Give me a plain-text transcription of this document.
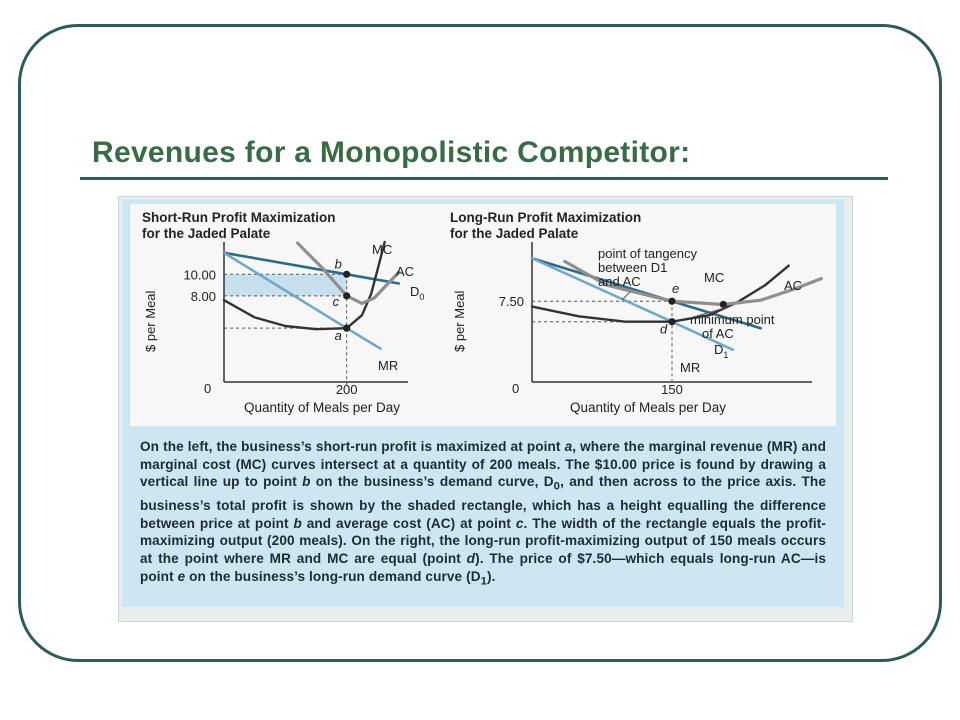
Revenues for a Monopolistic Competitor:
Short-Run Profit Maximization
for the Jaded Palate
$ per Meal
Quantity of Meals per Day
0
10.00
8.00
200
$D_0$
MR
MC
AC
a
b
c
Long-Run Profit Maximization
for the Jaded Palate
$ per Meal
Quantity of Meals per Day
0
7.50
150
$D_1$
MR
MC
AC
d
e
point of tangency
between D1
and AC
minimum point
of AC

On the left, the business’s short-run profit is maximized at point a, where the marginal revenue (MR) and marginal cost (MC) curves intersect at a quantity of 200 meals. The $10.00 price is found by drawing a vertical line up to point b on the business’s demand curve, $D_0$, and then across to the price axis. The business’s total profit is shown by the shaded rectangle, which has a height equalling the difference between price at point b and average cost (AC) at point c. The width of the rectangle equals the profit-maximizing output (200 meals). On the right, the long-run profit-maximizing output of 150 meals occurs at the point where MR and MC are equal (point d). The price of $7.50—which equals long-run AC—is point e on the business’s long-run demand curve $(D_1)$.
